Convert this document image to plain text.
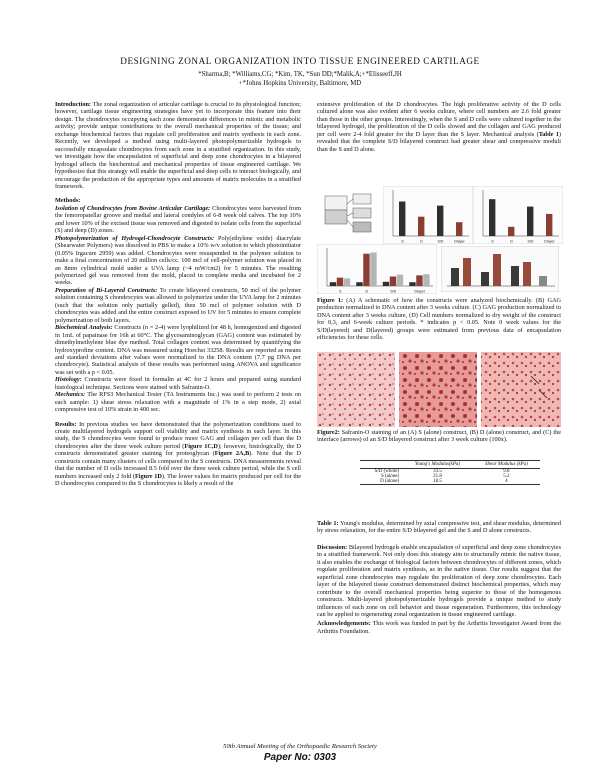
DESIGNING ZONAL ORGANIZATION INTO TISSUE ENGINEERED CARTILAGE
*Sharma,B; *Williams,CG; *Kim, TK, *Sun DD;*Malik,A;+*Elisseeff,JH
+*Johns Hopkins University, Baltimore, MD

Introduction: The zonal organization of articular cartilage is crucial to its physiological function; however, cartilage tissue engineering strategies have yet to incorporate this feature into their design. The chondrocytes occupying each zone demonstrate differences in mitotic and metabolic activity; provide unique contributions to the overall mechanical properties of the tissue; and exchange biochemical factors that regulate cell proliferation and matrix synthesis in each zone. Recently, we developed a method using multi-layered photopolymerizable hydrogels to successfully encapsulate chondrocytes from each zone in a stratified organization. In this study, we investigate how the encapsulation of superficial and deep zone chondrocytes in a bilayered hydrogel affects the biochemical and mechanical properties of tissue engineered cartilage. We hypothesize that this strategy will enable the superficial and deep cells to interact biologically, and encourage the production of the appropriate types and amounts of matrix molecules in a stratified framework.

Methods:
Isolation of Chondrocytes from Bovine Articular Cartilage: Chondrocytes were harvested from the femoropatellar groove and medial and lateral condyles of 6-8 week old calves. The top 10% and lower 10% of the excised tissue was removed and digested to isolate cells from the superficial (S) and deep (D) zones.
Photopolymerization of Hydrogel-Chondrocyte Constructs: Poly(ethylene oxide) diacrylate (Shearwater Polymers) was dissolved in PBS to make a 10% w/v solution to which photoinitiator (0.05% Irgacure 2959) was added. Chondrocytes were resuspended in the polymer solution to make a final concentration of 20 million cells/cc. 100 mcl of cell-polymer solution was placed in an 8mm cylindrical mold under a UVA lamp (~4 mW/cm2) for 5 minutes. The resulting polymerized gel was removed from the mold, placed in complete media and incubated for 2 weeks.
Preparation of Bi-Layered Constructs: To create bilayered constructs, 50 mcl of the polymer solution containing S chondrocytes was allowed to polymerize under the UVA lamp for 2 minutes (such that the solution only partially gelled), then 50 mcl of polymer solution with D chondrocytes was added and the entire construct exposed to UV for 5 minutes to ensure complete polymerization of both layers.
Biochemical Analysis: Constructs (n = 2-4) were lyophilized for 48 h, homogenized and digested in 1mL of papainase for 16h at 60°C. The glycosaminoglycan (GAG) content was estimated by dimethylmethylene blue dye method. Total collagen content was determined by quantifying the hydroxyproline content. DNA was measured using Hoechst 33258. Results are reported as means and standard deviations after values were normalized to the DNA content (7.7 pg DNA per chondrocyte). Statistical analysis of these results was performed using ANOVA and significance was set with a p < 0.05.
Histology: Constructs were fixed in formalin at 4C for 2 hours and prepared using standard histological technique. Sections were stained with Safranin-O.
Mechanics: The RFS3 Mechanical Tester (TA Instruments Inc.) was used to perform 2 tests on each sample: 1) shear stress relaxation with a magnitude of 1% in a step mode, 2) axial compressive test of 10% strain in 400 sec.

Results: In previous studies we have demonstrated that the polymerization conditions used to create multilayered hydrogels support cell viability and matrix synthesis in each layer. In this study, the S chondrocytes were found to produce more GAG and collagen per cell than the D chondrocytes after the three week culture period (Figure 1C,D); however, histologically, the D constructs demonstrated greater staining for proteoglycan (Figure 2A,B). Note that the D constructs contain many clusters of cells compared to the S constructs. DNA measurements reveal that the number of D cells increased 8.5 fold over the three week culture period, while the S cell numbers increased only 2 fold (Figure 1D). The lower values for matrix produced per cell for the D chondrocytes compared to the S chondrocytes is likely a result of the

extensive proliferation of the D chondrocytes. The high proliferative activity of the D cells cultured alone was also evident after 6 weeks culture, where cell numbers are 2.6 fold greater than those in the other groups. Interestingly, when the S and D cells were cultured together in the bilayered hydrogel, the proliferation of the D cells slowed and the collagen and GAG produced per cell were 2-4 fold greater for the D layer than the S layer. Mechanical analysis (Table 1) revealed that the complete S/D bilayered construct had greater shear and compressive moduli than the S and D alone.

S	D	S/D	Dlayer	S	D	S/D	Dlayer
S	D	S/D	Dlayer
Figure 1: (A) A schematic of how the constructs were analyzed biochemically. (B) GAG production normalized to DNA content after 3 weeks culture. (C) GAG production normalized to DNA content after 3 weeks culture, (D) Cell numbers normalized to dry weight of the construct for 0,3, and 6-week culture periods. * indicates p < 0.05. Note 0 week values for the S/D(layered) and D(layered) groups were estimated from previous data of encapsulation efficiencies for these cells.
Figure2: Safranin-O staining of an (A) S (alone) construct, (B) D (alone) construct, and (C) the interface (arrows) of an S/D bilayered construct after 3 week culture (100x).
	Young's Modulus(kPa)	Shear Modulus (kPa)
S/D (whole)	33.5	9.8
S (alone)	21.8	5.2
D (alone)	18.5	4

Table 1: Young's modulus, determined by axial compressive test, and shear modulus, determined by stress relaxation, for the entire S/D bilayered gel and the S and D alone constructs.

Discussion: Bilayered hydrogels enable encapsulation of superficial and deep zone chondrocytes in a stratified framework. Not only does this strategy aim to structurally mimic the native tissue, it also enables the exchange of biological factors between chondrocytes of different zones, which regulate proliferation and matrix synthesis, as in the native tissue. Our results suggest that the superficial zone chondrocytes may regulate the proliferation of deep zone chondrocytes. Each layer of the bilayered tissue construct demonstrated distinct biochemical properties, which may contribute to the overall mechanical properties being superior to those of the homogenous constructs. Multi-layered photopolymerizable hydrogels provide a unique method to study influences of each zone on cell behavior and tissue regeneration. Furthermore, this technology can be applied to regenerating zonal organization in tissue engineered cartilage.

Acknowledgements: This work was funded in part by the Arthritis Investigator Award from the Arthritis Foundation.

50th Annual Meeting of the Orthopaedic Research Society
Paper No: 0303
